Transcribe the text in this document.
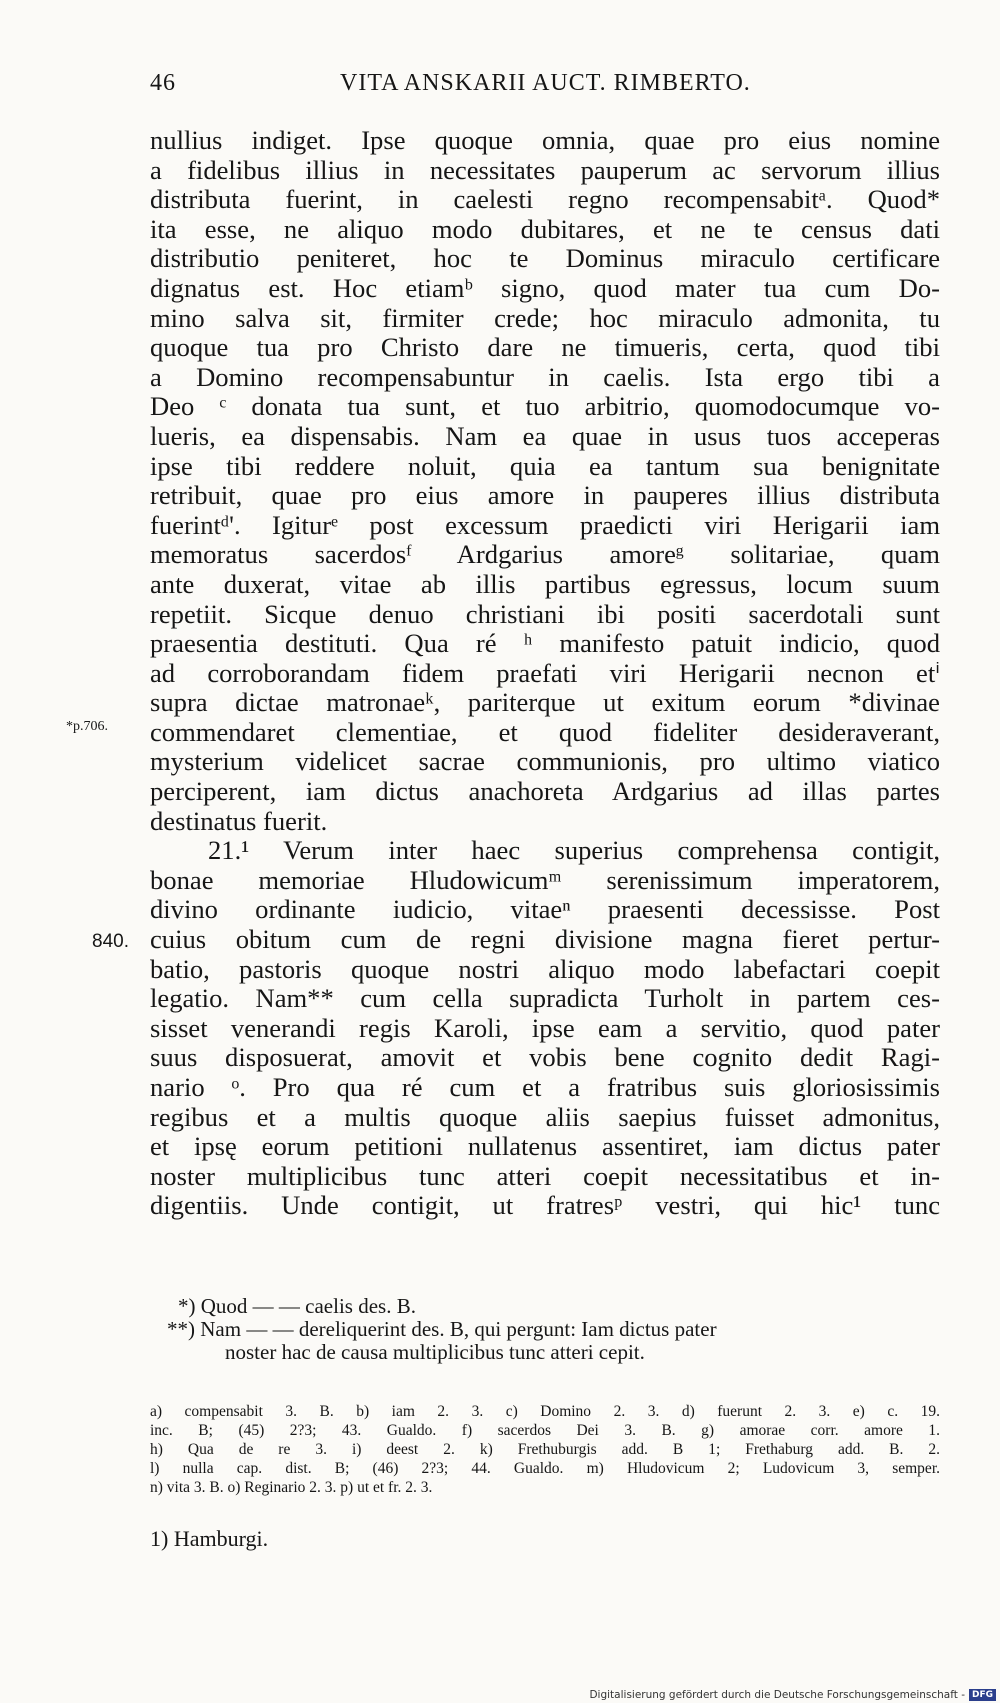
46	VITA ANSKARII AUCT. RIMBERTO.
nullius indiget. Ipse quoque omnia, quae pro eius nomine
a fidelibus illius in necessitates pauperum ac servorum illius
distributa fuerint, in caelesti regno recompensabitᵃ. Quod*
ita esse, ne aliquo modo dubitares, et ne te census dati
distributio peniteret, hoc te Dominus miraculo certificare
dignatus est. Hoc etiamᵇ signo, quod mater tua cum Do-
mino salva sit, firmiter crede; hoc miraculo admonita, tu
quoque tua pro Christo dare ne timueris, certa, quod tibi
a Domino recompensabuntur in caelis. Ista ergo tibi a
Deo ᶜ donata tua sunt, et tuo arbitrio, quomodocumque vo-
lueris, ea dispensabis. Nam ea quae in usus tuos acceperas
ipse tibi reddere noluit, quia ea tantum sua benignitate
retribuit, quae pro eius amore in pauperes illius distributa
fuerintᵈ'. Igiturᵉ post excessum praedicti viri Herigarii iam
memoratus sacerdosᶠ Ardgarius amoreᵍ solitariae, quam
ante duxerat, vitae ab illis partibus egressus, locum suum
repetiit. Sicque denuo christiani ibi positi sacerdotali sunt
praesentia destituti. Qua ré ʰ manifesto patuit indicio, quod
ad corroborandam fidem praefati viri Herigarii necnon etⁱ
supra dictae matronaeᵏ, pariterque ut exitum eorum *divinae
commendaret clementiae, et quod fideliter desideraverant,
mysterium videlicet sacrae communionis, pro ultimo viatico
perciperent, iam dictus anachoreta Ardgarius ad illas partes
destinatus fuerit.
21.¹ Verum inter haec superius comprehensa contigit,
bonae memoriae Hludowicumᵐ serenissimum imperatorem,
divino ordinante iudicio, vitaeⁿ praesenti decessisse. Post
cuius obitum cum de regni divisione magna fieret pertur-
batio, pastoris quoque nostri aliquo modo labefactari coepit
legatio. Nam** cum cella supradicta Turholt in partem ces-
sisset venerandi regis Karoli, ipse eam a servitio, quod pater
suus disposuerat, amovit et vobis bene cognito dedit Ragi-
nario ᵒ. Pro qua ré cum et a fratribus suis gloriosissimis
regibus et a multis quoque aliis saepius fuisset admonitus,
et ipsę eorum petitioni nullatenus assentiret, iam dictus pater
noster multiplicibus tunc atteri coepit necessitatibus et in-
digentiis. Unde contigit, ut fratresᵖ vestri, qui hic¹ tunc
*p.706.
840.
*) Quod — — caelis des. B.
**) Nam — — dereliquerint des. B, qui pergunt: Iam dictus pater
noster hac de causa multiplicibus tunc atteri cepit.
a) compensabit 3. B. b) iam 2. 3. c) Domino 2. 3. d) fuerunt 2. 3. e) c. 19.
inc. B; (45) 2?3; 43. Gualdo. f) sacerdos Dei 3. B. g) amorae corr. amore 1.
h) Qua de re 3. i) deest 2. k) Frethuburgis add. B 1; Frethaburg add. B. 2.
l) nulla cap. dist. B; (46) 2?3; 44. Gualdo. m) Hludovicum 2; Ludovicum 3, semper.
n) vita 3. B. o) Reginario 2. 3. p) ut et fr. 2. 3.
1) Hamburgi.
Digitalisierung gefördert durch die Deutsche Forschungsgemeinschaft - DFG
